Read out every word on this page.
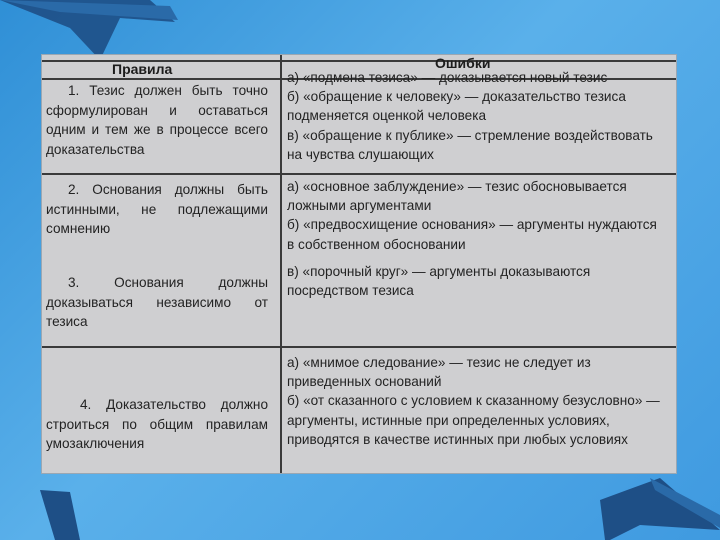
Правила	Ошибки
1. Тезис должен быть точно сформулирован и оставаться одним и тем же в процессе всего доказательства
а) «подмена тезиса» — доказывается новый тезис
б) «обращение к человеку» — доказательство тезиса подменяется оценкой человека
в) «обращение к публике» — стремление воздействовать на чувства слушающих
2. Основания должны быть истинными, не подлежащими сомнению
а) «основное заблуждение» — тезис обосновывается ложными аргументами
б) «предвосхищение основания» — аргументы нуждаются в собственном обосновании
3. Основания должны доказываться независимо от тезиса
в) «порочный круг» — аргументы доказываются посредством тезиса
4. Доказательство должно строиться по общим правилам умозаключения
а) «мнимое следование» — тезис не следует из приведенных оснований
б) «от сказанного с условием к сказанному безусловно» — аргументы, истинные при определенных условиях, приводятся в качестве истинных при любых условиях
